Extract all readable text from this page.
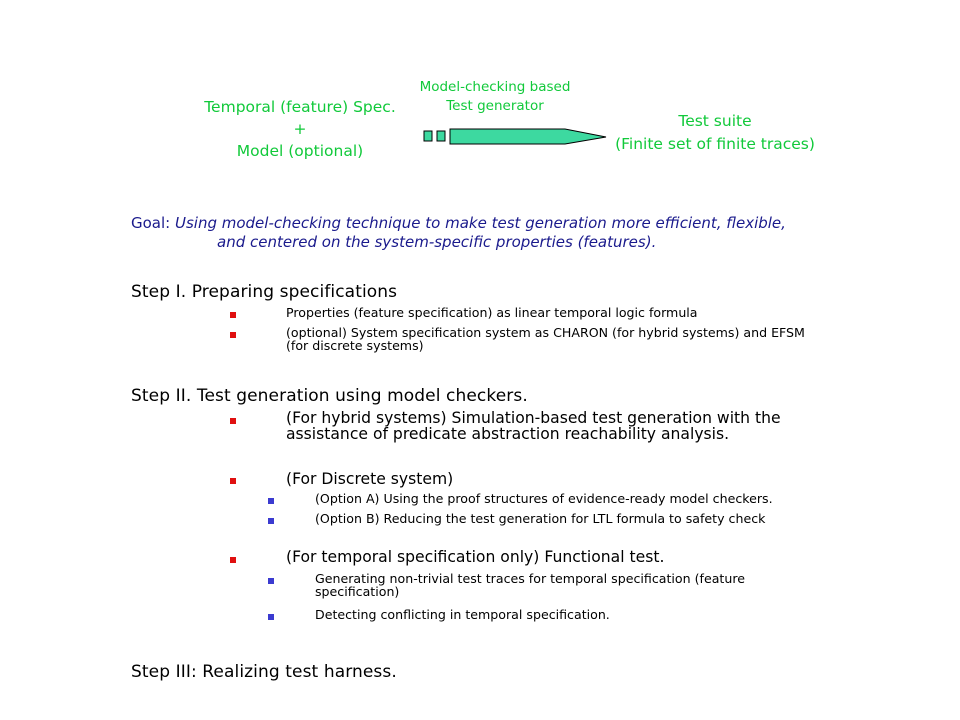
Temporal (feature) Spec.
+
Model (optional)
Model-checking based
Test generator
Test suite
(Finite set of finite traces)
Goal: Using model-checking technique to make test generation more efficient, flexible,
and centered on the system-specific properties (features).
Step I. Preparing specifications
Properties (feature specification) as linear temporal logic formula
(optional) System specification system as CHARON (for hybrid systems) and EFSM
(for discrete systems)
Step II. Test generation using model checkers.
(For hybrid systems) Simulation-based test generation with the
assistance of predicate abstraction reachability analysis.
(For Discrete system)
(Option A) Using the proof structures of evidence-ready model checkers.
(Option B) Reducing the test generation for LTL formula to safety check
(For temporal specification only) Functional test.
Generating non-trivial test traces for temporal specification (feature
specification)
Detecting conflicting in temporal specification.
Step III: Realizing test harness.
